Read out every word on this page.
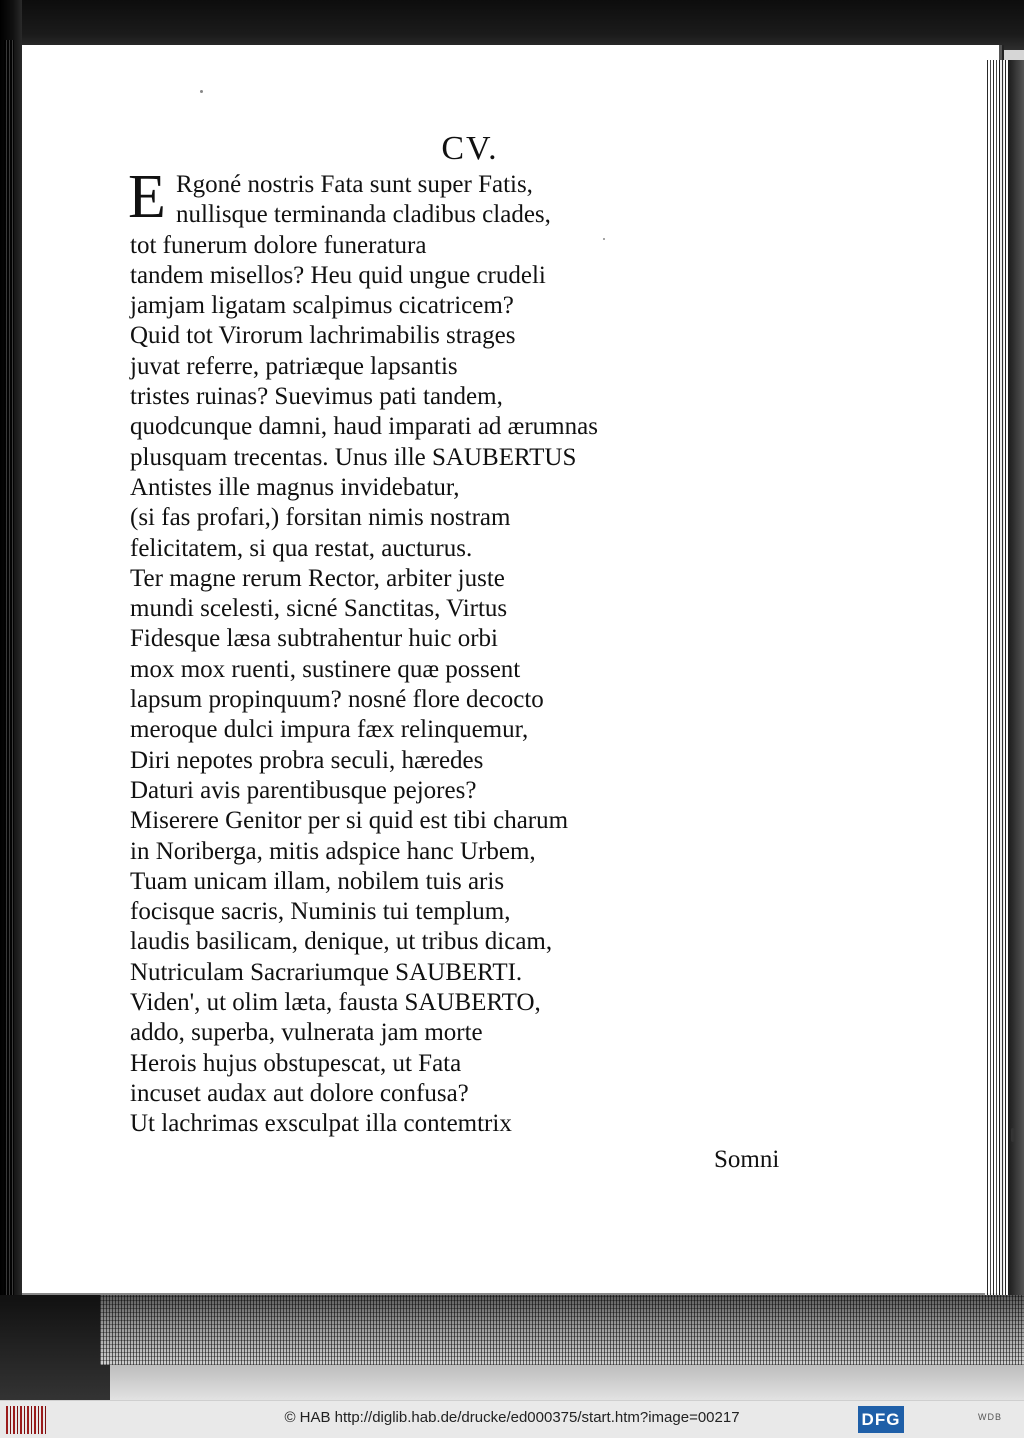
CV.
E Rgoné nostris Fata sunt super Fatis,
nullisque terminanda cladibus clades,
tot funerum dolore funeratura
tandem misellos? Heu quid ungue crudeli
jamjam ligatam scalpimus cicatricem?
Quid tot Virorum lachrimabilis strages
juvat referre, patriæque lapsantis
tristes ruinas? Suevimus pati tandem,
quodcunque damni, haud imparati ad ærumnas
plusquam trecentas. Unus ille SAUBERTUS
Antistes ille magnus invidebatur,
(si fas profari,) forsitan nimis nostram
felicitatem, si qua restat, aucturus.
Ter magne rerum Rector, arbiter juste
mundi scelesti, sicné Sanctitas, Virtus
Fidesque læsa subtrahentur huic orbi
mox mox ruenti, sustinere quæ possent
lapsum propinquum? nosné flore decocto
meroque dulci impura fæx relinquemur,
Diri nepotes probra seculi, hæredes
Daturi avis parentibusque pejores?
Miserere Genitor per si quid est tibi charum
in Noriberga, mitis adspice hanc Urbem,
Tuam unicam illam, nobilem tuis aris
focisque sacris, Numinis tui templum,
laudis basilicam, denique, ut tribus dicam,
Nutriculam Sacrariumque SAUBERTI.
Viden', ut olim læta, fausta SAUBERTO,
addo, superba, vulnerata jam morte
Herois hujus obstupescat, ut Fata
incuset audax aut dolore confusa?
Ut lachrimas exsculpat illa contemtrix
Somni
© HAB http://diglib.hab.de/drucke/ed000375/start.htm?image=00217	DFG	WDB
